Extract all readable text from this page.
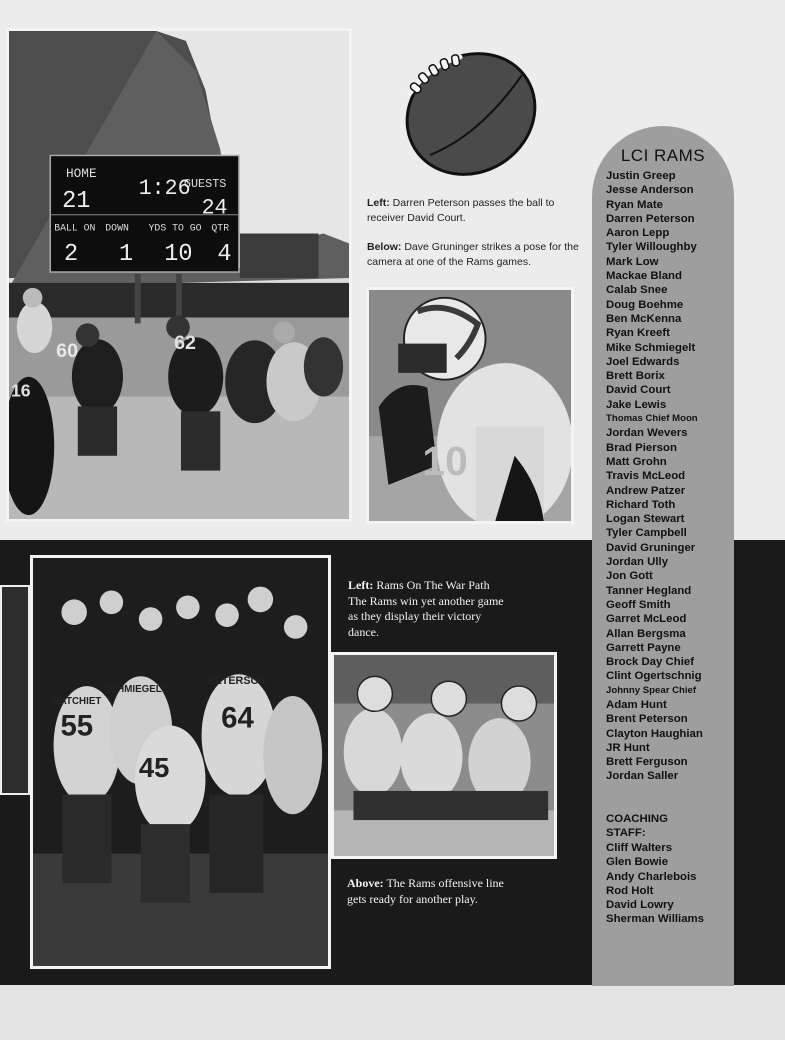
HOME
GUESTS
21 1:26
24
BALL ON DOWN YDS TO GO QTR
2 1 10 4
60	62
16
Left: Darren Peterson passes the ball to receiver David Court.
Below: Dave Gruninger strikes a pose for the camera at one of the Rams games.
10
DATCHIET
SCHMIEGELT
PETERSON
55
45
64
Left: Rams On The War Path The Rams win yet another game as they display their victory dance.
Above: The Rams offensive line gets ready for another play.
LCI RAMS
Justin Greep
Jesse Anderson
Ryan Mate
Darren Peterson
Aaron Lepp
Tyler Willoughby
Mark Low
Mackae Bland
Calab Snee
Doug Boehme
Ben McKenna
Ryan Kreeft
Mike Schmiegelt
Joel Edwards
Brett Borix
David Court
Jake Lewis
Thomas Chief Moon
Jordan Wevers
Brad Pierson
Matt Grohn
Travis McLeod
Andrew Patzer
Richard Toth
Logan Stewart
Tyler Campbell
David Gruninger
Jordan Ully
Jon Gott
Tanner Hegland
Geoff Smith
Garret McLeod
Allan Bergsma
Garrett Payne
Brock Day Chief
Clint Ogertschnig
Johnny Spear Chief
Adam Hunt
Brent Peterson
Clayton Haughian
JR Hunt
Brett Ferguson
Jordan Saller
COACHING STAFF:
Cliff Walters
Glen Bowie
Andy Charlebois
Rod Holt
David Lowry
Sherman Williams
